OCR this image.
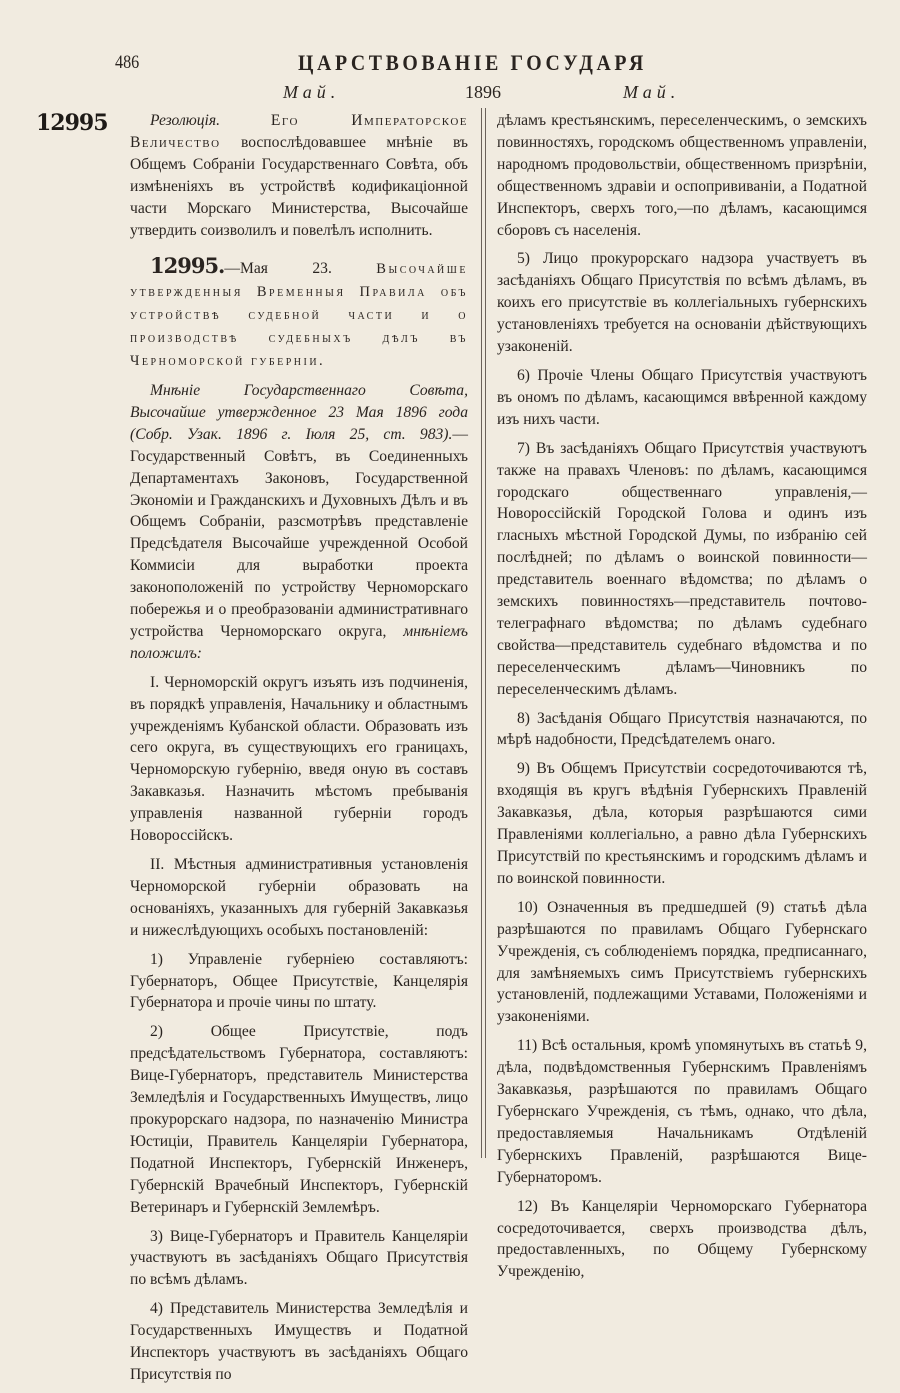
486	ЦАРСТВОВАНІЕ ГОСУДАРЯ
Май.	1896	Май.
12995	Резолюція.	Его Императорское Величество воспослѣдовавшее мнѣніе въ Общемъ Собраніи Государственнаго Совѣта, объ измѣненіяхъ въ устройствѣ кодификаціонной части Морскаго Министерства, Высочайше утвердить соизволилъ и повелѣлъ исполнить.

12995.—Мая 23.	Высочайше утвержденныя Временныя Правила объ устройствѣ судебной части и о производствѣ судебныхъ дѣлъ въ Черноморской губерніи.

Мнѣніе Государственнаго Совѣта, Высочайше утвержденное 23 Мая 1896 года (Собр. Узак. 1896 г. Іюля 25, ст. 983).—Государственный Совѣтъ, въ Соединенныхъ Департаментахъ Законовъ, Государственной Экономіи и Гражданскихъ и Духовныхъ Дѣлъ и въ Общемъ Собраніи, разсмотрѣвъ представленіе Предсѣдателя Высочайше учрежденной Особой Коммисіи для выработки проекта законоположеній по устройству Черноморскаго побережья и о преобразованіи административнаго устройства Черноморскаго округа, мнѣніемъ положилъ:

I. Черноморскій округъ изъять изъ подчиненія, въ порядкѣ управленія, Начальнику и областнымъ учрежденіямъ Кубанской области. Образовать изъ сего округа, въ существующихъ его границахъ, Черноморскую губернію, введя оную въ составъ Закавказья. Назначить мѣстомъ пребыванія управленія названной губерніи городъ Новороссійскъ.

II. Мѣстныя административныя установленія Черноморской губерніи образовать на основаніяхъ, указанныхъ для губерній Закавказья и нижеслѣдующихъ особыхъ постановленій:

1) Управленіе губерніею составляютъ: Губернаторъ, Общее Присутствіе, Канцелярія Губернатора и прочіе чины по штату.

2) Общее Присутствіе, подъ предсѣдательствомъ Губернатора, составляютъ: Вице-Губернаторъ, представитель Министерства Земледѣлія и Государственныхъ Имуществъ, лицо прокурорскаго надзора, по назначенію Министра Юстиціи, Правитель Канцеляріи Губернатора, Податной Инспекторъ, Губернскій Инженеръ, Губернскій Врачебный Инспекторъ, Губернскій Ветеринаръ и Губернскій Землемѣръ.

3) Вице-Губернаторъ и Правитель Канцеляріи участвуютъ въ засѣданіяхъ Общаго Присутствія по всѣмъ дѣламъ.

4) Представитель Министерства Земледѣлія и Государственныхъ Имуществъ и Податной Инспекторъ участвуютъ въ засѣданіяхъ Общаго Присутствія по

дѣламъ крестьянскимъ, переселенческимъ, о земскихъ повинностяхъ, городскомъ общественномъ управленіи, народномъ продовольствіи, общественномъ призрѣніи, общественномъ здравіи и оспопрививаніи, а Податной Инспекторъ, сверхъ того,—по дѣламъ, касающимся сборовъ съ населенія.

5) Лицо прокурорскаго надзора участвуетъ въ засѣданіяхъ Общаго Присутствія по всѣмъ дѣламъ, въ коихъ его присутствіе въ коллегіальныхъ губернскихъ установленіяхъ требуется на основаніи дѣйствующихъ узаконеній.

6) Прочіе Члены Общаго Присутствія участвуютъ въ ономъ по дѣламъ, касающимся ввѣренной каждому изъ нихъ части.

7) Въ засѣданіяхъ Общаго Присутствія участвуютъ также на правахъ Членовъ: по дѣламъ, касающимся городскаго общественнаго управленія,—Новороссійскій Городской Голова и одинъ изъ гласныхъ мѣстной Городской Думы, по избранію сей послѣдней; по дѣламъ о воинской повинности—представитель военнаго вѣдомства; по дѣламъ о земскихъ повинностяхъ—представитель почтово-телеграфнаго вѣдомства; по дѣламъ судебнаго свойства—представитель судебнаго вѣдомства и по переселенческимъ дѣламъ—Чиновникъ по переселенческимъ дѣламъ.

8) Засѣданія Общаго Присутствія назначаются, по мѣрѣ надобности, Предсѣдателемъ онаго.

9) Въ Общемъ Присутствіи сосредоточиваются тѣ, входящія въ кругъ вѣдѣнія Губернскихъ Правленій Закавказья, дѣла, которыя разрѣшаются сими Правленіями коллегіально, а равно дѣла Губернскихъ Присутствій по крестьянскимъ и городскимъ дѣламъ и по воинской повинности.

10) Означенныя въ предшедшей (9) статьѣ дѣла разрѣшаются по правиламъ Общаго Губернскаго Учрежденія, съ соблюденіемъ порядка, предписаннаго, для замѣняемыхъ симъ Присутствіемъ губернскихъ установленій, подлежащими Уставами, Положеніями и узаконеніями.

11) Всѣ остальныя, кромѣ упомянутыхъ въ статьѣ 9, дѣла, подвѣдомственныя Губернскимъ Правленіямъ Закавказья, разрѣшаются по правиламъ Общаго Губернскаго Учрежденія, съ тѣмъ, однако, что дѣла, предоставляемыя Начальникамъ Отдѣленій Губернскихъ Правленій, разрѣшаются Вице-Губернаторомъ.

12) Въ Канцеляріи Черноморскаго Губернатора сосредоточивается, сверхъ производства дѣлъ, предоставленныхъ, по Общему Губернскому Учрежденію,
